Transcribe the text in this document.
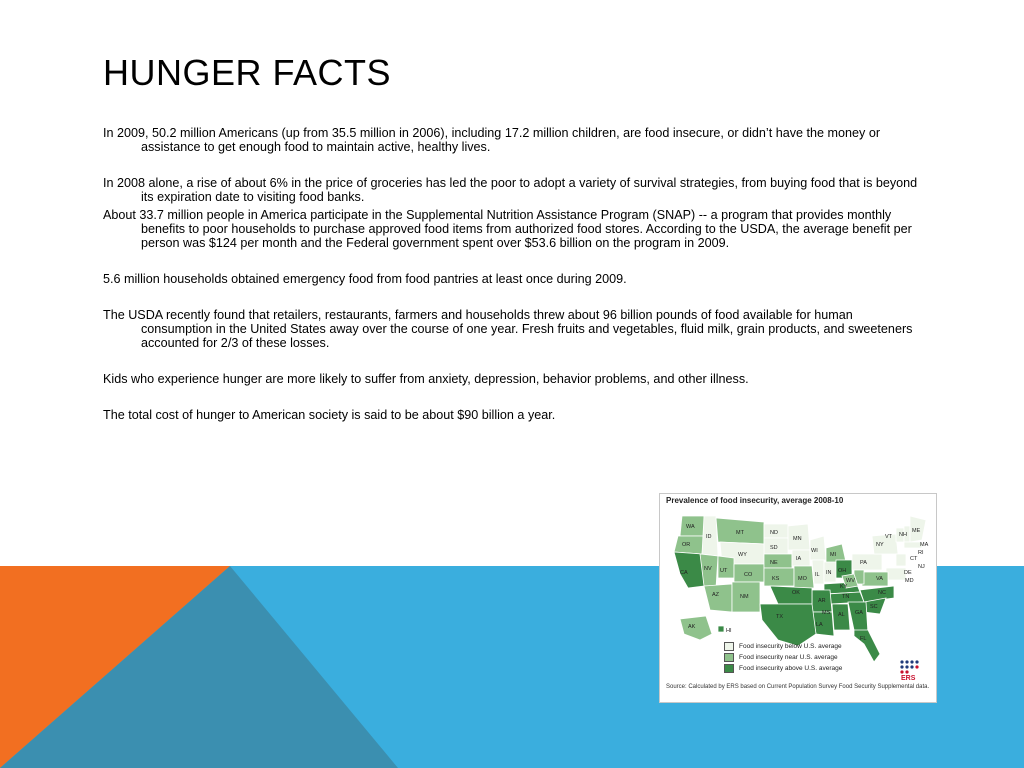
HUNGER FACTS

In 2009, 50.2 million Americans (up from 35.5 million in 2006), including 17.2 million children, are food insecure, or didn’t have the money or assistance to get enough food to maintain active, healthy lives.

In 2008 alone, a rise of about 6% in the price of groceries has led the poor to adopt a variety of survival strategies, from buying food that is beyond its expiration date to visiting food banks.

About 33.7 million people in America participate in the Supplemental Nutrition Assistance Program (SNAP) -- a program that provides monthly benefits to poor households to purchase approved food items from authorized food stores. According to the USDA, the average benefit per person was $124 per month and the Federal government spent over $53.6 billion on the program in 2009.

5.6 million households obtained emergency food from food pantries at least once during 2009.

The USDA recently found that retailers, restaurants, farmers and households threw about 96 billion pounds of food available for human consumption in the United States away over the course of one year. Fresh fruits and vegetables, fluid milk, grain products, and sweeteners accounted for 2/3 of these losses.

Kids who experience hunger are more likely to suffer from anxiety, depression, behavior problems, and other illness.

The total cost of hunger to American society is said to be about $90 billion a year.

WA
OR
ID
MT	ND
MN
SD
WY
NV UT
CO
NE
IA
WI
MI
CA
AZ	NM
KS	MO
IL IN OH
PA
NY
VT NH
ME
MA
RI
CT
NJ
DE
MD
VA
KY
TN
NC
SC
GA
AL
MS
AR
LA
OK
TX
FL
WV
AK
HI
Prevalence of food insecurity, average 2008-10
Food insecurity below U.S. average
Food insecurity near U.S. average
Food insecurity above U.S. average
ERS
Source: Calculated by ERS based on Current Population Survey Food Security Supplemental data.
